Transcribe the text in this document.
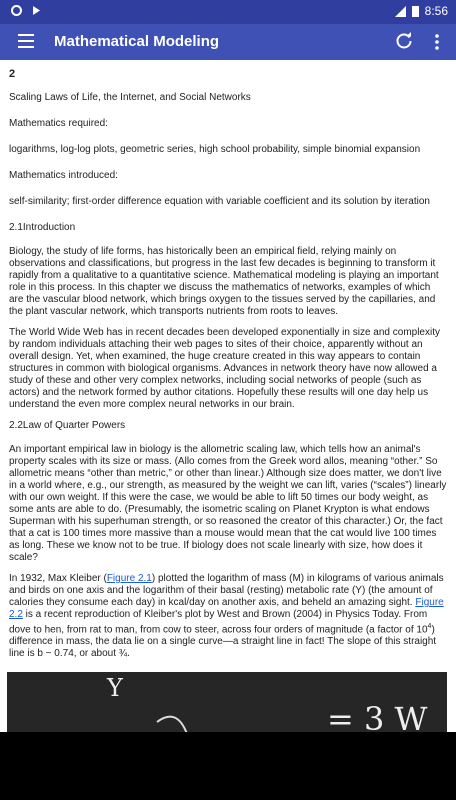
8:56
Mathematical Modeling
2
Scaling Laws of Life, the Internet, and Social Networks
Mathematics required:
logarithms, log-log plots, geometric series, high school probability, simple binomial expansion
Mathematics introduced:
self-similarity; first-order difference equation with variable coefficient and its solution by iteration
2.1Introduction
Biology, the study of life forms, has historically been an empirical field, relying mainly on observations and classifications, but progress in the last few decades is beginning to transform it rapidly from a qualitative to a quantitative science. Mathematical modeling is playing an important role in this process. In this chapter we discuss the mathematics of networks, examples of which are the vascular blood network, which brings oxygen to the tissues served by the capillaries, and the plant vascular network, which transports nutrients from roots to leaves.
The World Wide Web has in recent decades been developed exponentially in size and complexity by random individuals attaching their web pages to sites of their choice, apparently without an overall design. Yet, when examined, the huge creature created in this way appears to contain structures in common with biological organisms. Advances in network theory have now allowed a study of these and other very complex networks, including social networks of people (such as actors) and the network formed by author citations. Hopefully these results will one day help us understand the even more complex neural networks in our brain.
2.2Law of Quarter Powers
An important empirical law in biology is the allometric scaling law, which tells how an animal's property scales with its size or mass. (Allo comes from the Greek word allos, meaning “other.” So allometric means “other than metric,” or other than linear.) Although size does matter, we don't live in a world where, e.g., our strength, as measured by the weight we can lift, varies (“scales”) linearly with our own weight. If this were the case, we would be able to lift 50 times our body weight, as some ants are able to do. (Presumably, the isometric scaling on Planet Krypton is what endows Superman with his superhuman strength, or so reasoned the creator of this character.) Or, the fact that a cat is 100 times more massive than a mouse would mean that the cat would live 100 times as long. These we know not to be true. If biology does not scale linearly with size, how does it scale?
In 1932, Max Kleiber (Figure 2.1) plotted the logarithm of mass (M) in kilograms of various animals and birds on one axis and the logarithm of their basal (resting) metabolic rate (Y) (the amount of calories they consume each day) in kcal/day on another axis, and beheld an amazing sight. Figure 2.2 is a recent reproduction of Kleiber's plot by West and Brown (2004) in Physics Today. From dove to hen, from rat to man, from cow to steer, across four orders of magnitude (a factor of $10^4$) difference in mass, the data lie on a single curve—a straight line in fact! The slope of this straight line is b ~ 0.74, or about ¾.
= 3 W
Y
